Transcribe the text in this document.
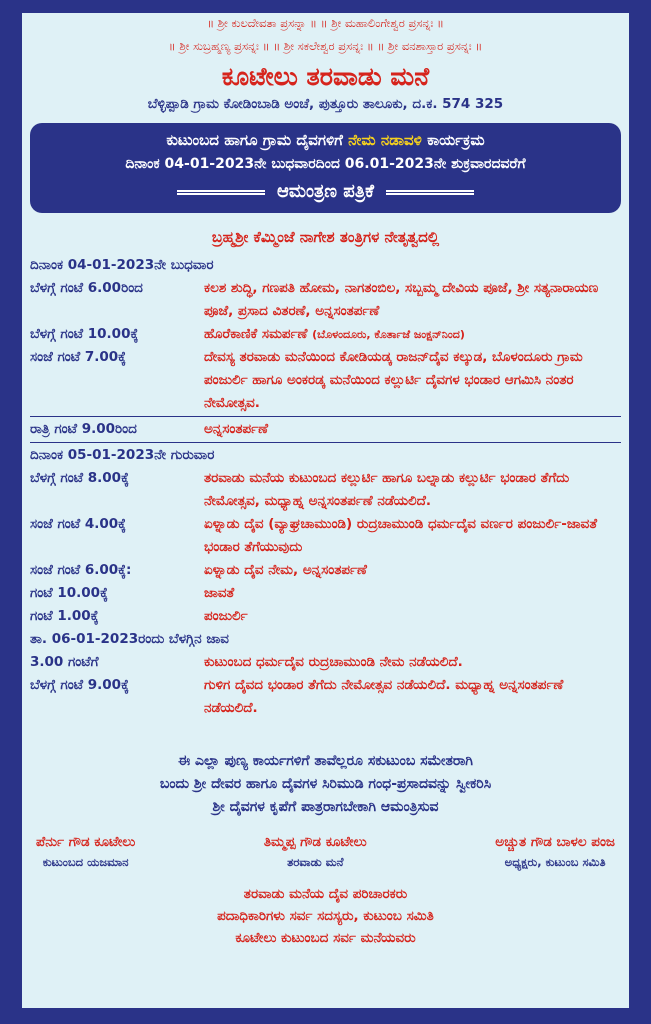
॥ ಶ್ರೀ ಕುಲದೇವತಾ ಪ್ರಸನ್ನಾ ॥ ॥ ಶ್ರೀ ಮಹಾಲಿಂಗೇಶ್ವರ ಪ್ರಸನ್ನಃ ॥
॥ ಶ್ರೀ ಸುಬ್ರಹ್ಮಣ್ಯ ಪ್ರಸನ್ನಃ ॥ ॥ ಶ್ರೀ ಸಕಲೇಶ್ವರ ಪ್ರಸನ್ನಃ ॥ ॥ ಶ್ರೀ ವನಶಾಸ್ತಾರ ಪ್ರಸನ್ನಃ ॥
ಕೂಟೇಲು ತರವಾಡು ಮನೆ
ಬೆಳ್ಳಿಪ್ಪಾಡಿ ಗ್ರಾಮ ಕೋಡಿಂಬಾಡಿ ಅಂಚೆ, ಪುತ್ತೂರು ತಾಲೂಕು, ದ.ಕ. 574 325
ಕುಟುಂಬದ ಹಾಗೂ ಗ್ರಾಮ ದೈವಗಳಿಗೆ ನೇಮ ನಡಾವಳಿ ಕಾರ್ಯಕ್ರಮ
ದಿನಾಂಕ 04-01-2023ನೇ ಬುಧವಾರದಿಂದ 06.01-2023ನೇ ಶುಕ್ರವಾರದವರೆಗೆ
ಆಮಂತ್ರಣ ಪತ್ರಿಕೆ
ಬ್ರಹ್ಮಶ್ರೀ ಕೆಮ್ಮಿಂಜೆ ನಾಗೇಶ ತಂತ್ರಿಗಳ ನೇತೃತ್ವದಲ್ಲಿ
ದಿನಾಂಕ 04-01-2023ನೇ ಬುಧವಾರ
ಬೆಳಗ್ಗೆ ಗಂಟೆ 6.00ರಿಂದ	ಕಲಶ ಶುದ್ಧಿ, ಗಣಪತಿ ಹೋಮ, ನಾಗತಂಬಿಲ, ಸಬ್ಬಮ್ಮ ದೇವಿಯ ಪೂಜೆ, ಶ್ರೀ ಸತ್ಯನಾರಾಯಣ ಪೂಜೆ, ಪ್ರಸಾದ ವಿತರಣೆ, ಅನ್ನಸಂತರ್ಪಣೆ
ಬೆಳಗ್ಗೆ ಗಂಟೆ 10.00ಕ್ಕೆ	ಹೊರೆಕಾಣಿಕೆ ಸಮರ್ಪಣೆ (ಬೊಳಂದೂರು, ಕೊರ್ತಾಜೆ ಜಂಕ್ಷನ್‌ನಿಂದ)
ಸಂಜೆ ಗಂಟೆ 7.00ಕ್ಕೆ	ದೇವಸ್ಯ ತರವಾಡು ಮನೆಯಿಂದ ಕೋಡಿಯಡ್ಕ ರಾಜನ್‌ದೈವ ಕಲ್ಕುಡ, ಬೊಳಂದೂರು ಗ್ರಾಮ ಪಂಜುರ್ಲಿ ಹಾಗೂ ಅಂಕರಡ್ಕ ಮನೆಯಿಂದ ಕಲ್ಲುರ್ಟಿ ದೈವಗಳ ಭಂಡಾರ ಆಗಮಿಸಿ ನಂತರ ನೇಮೋತ್ಸವ.
ರಾತ್ರಿ ಗಂಟೆ 9.00ರಿಂದ	ಅನ್ನಸಂತರ್ಪಣೆ
ದಿನಾಂಕ 05-01-2023ನೇ ಗುರುವಾರ
ಬೆಳಗ್ಗೆ ಗಂಟೆ 8.00ಕ್ಕೆ	ತರವಾಡು ಮನೆಯ ಕುಟುಂಬದ ಕಲ್ಲುರ್ಟಿ ಹಾಗೂ ಬಲ್ನಾಡು ಕಲ್ಲುರ್ಟಿ ಭಂಡಾರ ತೆಗೆದು ನೇಮೋತ್ಸವ, ಮಧ್ಯಾಹ್ನ ಅನ್ನಸಂತರ್ಪಣೆ ನಡೆಯಲಿದೆ.
ಸಂಜೆ ಗಂಟೆ 4.00ಕ್ಕೆ	ಏಳ್ನಾಡು ದೈವ (ವ್ಯಾಘ್ರಚಾಮುಂಡಿ) ರುದ್ರಚಾಮುಂಡಿ ಧರ್ಮದೈವ ವರ್ಣರ ಪಂಜುರ್ಲಿ-ಜಾವತೆ ಭಂಡಾರ ತೆಗೆಯುವುದು
ಸಂಜೆ ಗಂಟೆ 6.00ಕ್ಕೆ:	ಏಳ್ನಾಡು ದೈವ ನೇಮ, ಅನ್ನಸಂತರ್ಪಣೆ
ಗಂಟೆ 10.00ಕ್ಕೆ	ಜಾವತೆ
ಗಂಟೆ 1.00ಕ್ಕೆ	ಪಂಜುರ್ಲಿ
ತಾ. 06-01-2023ರಂದು ಬೆಳಗ್ಗಿನ ಜಾವ
3.00 ಗಂಟೆಗೆ	ಕುಟುಂಬದ ಧರ್ಮದೈವ ರುದ್ರಚಾಮುಂಡಿ ನೇಮ ನಡೆಯಲಿದೆ.
ಬೆಳಗ್ಗೆ ಗಂಟೆ 9.00ಕ್ಕೆ	ಗುಳಿಗ ದೈವದ ಭಂಡಾರ ತೆಗೆದು ನೇಮೋತ್ಸವ ನಡೆಯಲಿದೆ. ಮಧ್ಯಾಹ್ನ ಅನ್ನಸಂತರ್ಪಣೆ ನಡೆಯಲಿದೆ.
ಈ ಎಲ್ಲಾ ಪುಣ್ಯ ಕಾರ್ಯಗಳಿಗೆ ತಾವೆಲ್ಲರೂ ಸಕುಟುಂಬ ಸಮೇತರಾಗಿ
ಬಂದು ಶ್ರೀ ದೇವರ ಹಾಗೂ ದೈವಗಳ ಸಿರಿಮುಡಿ ಗಂಧ-ಪ್ರಸಾದವನ್ನು ಸ್ವೀಕರಿಸಿ
ಶ್ರೀ ದೈವಗಳ ಕೃಪೆಗೆ ಪಾತ್ರರಾಗಬೇಕಾಗಿ ಆಮಂತ್ರಿಸುವ
ಪೆರ್ನು ಗೌಡ ಕೂಟೇಲು
ಕುಟುಂಬದ ಯಜಮಾನ
ತಿಮ್ಮಪ್ಪ ಗೌಡ ಕೂಟೇಲು
ತರವಾಡು ಮನೆ
ಅಚ್ಚುತ ಗೌಡ ಬಾಳಲ ಪಂಜ
ಅಧ್ಯಕ್ಷರು, ಕುಟುಂಬ ಸಮಿತಿ
ತರವಾಡು ಮನೆಯ ದೈವ ಪರಿಚಾರಕರು
ಪದಾಧಿಕಾರಿಗಳು ಸರ್ವ ಸದಸ್ಯರು, ಕುಟುಂಬ ಸಮಿತಿ
ಕೂಟೇಲು ಕುಟುಂಬದ ಸರ್ವ ಮನೆಯವರು
